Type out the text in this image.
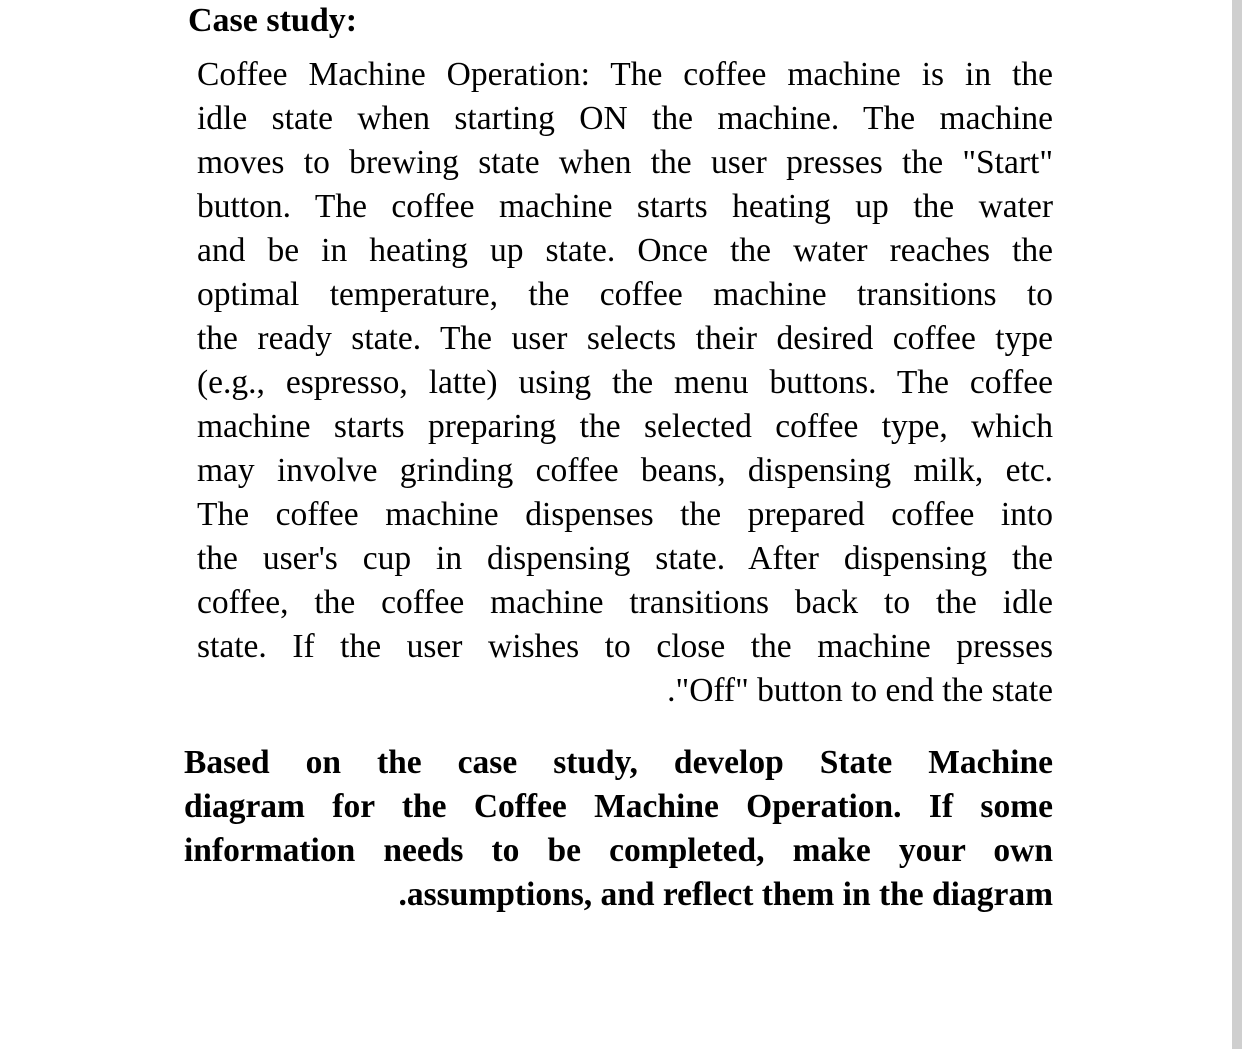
Case study:
Coffee Machine Operation: The coffee machine is in the
idle state when starting ON the machine. The machine
moves to brewing state when the user presses the "Start"
button. The coffee machine starts heating up the water
and be in heating up state. Once the water reaches the
optimal temperature, the coffee machine transitions to
the ready state. The user selects their desired coffee type
(e.g., espresso, latte) using the menu buttons. The coffee
machine starts preparing the selected coffee type, which
may involve grinding coffee beans, dispensing milk, etc.
The coffee machine dispenses the prepared coffee into
the user's cup in dispensing state. After dispensing the
coffee, the coffee machine transitions back to the idle
state. If the user wishes to close the machine presses
."Off" button to end the state
Based on the case study, develop State Machine
diagram for the Coffee Machine Operation. If some
information needs to be completed, make your own
.assumptions, and reflect them in the diagram
